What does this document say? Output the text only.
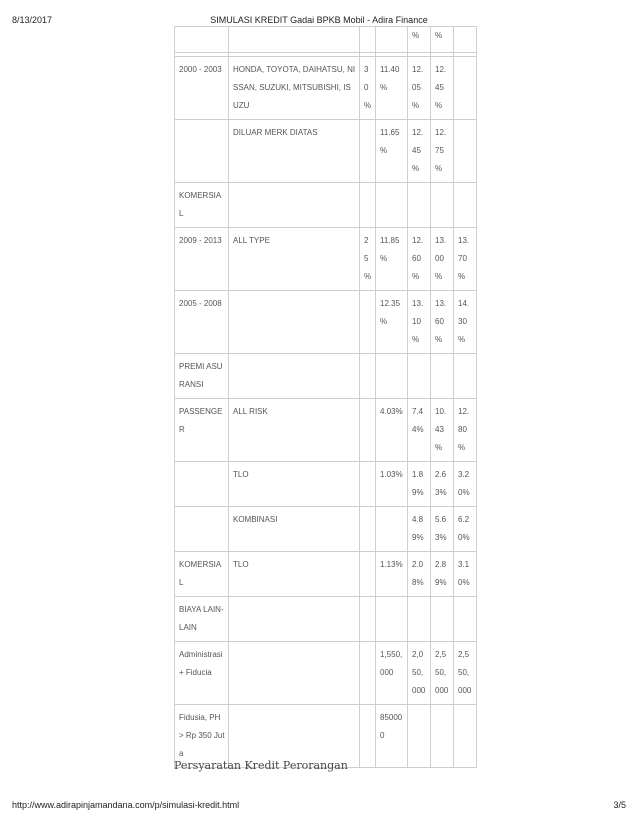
8/13/2017	SIMULASI KREDIT Gadai BPKB Mobil - Adira Finance
				%	%	

2000 - 2003	HONDA, TOYOTA, DAIHATSU, NISSAN, SUZUKI, MITSUBISHI, ISUZU	30 %	11.40 %	12.05 %	12.45 %	
	DILUAR MERK DIATAS		11.65 %	12.45 %	12.75 %	
KOMERSIAL						
2009 - 2013	ALL TYPE	25 %	11.85 %	12.60 %	13.00 %	13.70 %
2005 - 2008			12.35 %	13.10 %	13.60 %	14.30 %
PREMI ASURANSI						
PASSENGER	ALL RISK		4.03%	7.44%	10.43 %	12.80 %
	TLO		1.03%	1.89%	2.63%	3.20%
	KOMBINASI			4.89%	5.63%	6.20%
KOMERSIAL	TLO		1.13%	2.08%	2.89%	3.10%
BIAYA LAIN-LAIN						
Administrasi + Fiducia			1,550,000	2,050,000	2,550,000	2,550,000
Fidusia, PH > Rp 350 Juta			850000			
Persyaratan Kredit Perorangan
http://www.adirapinjamandana.com/p/simulasi-kredit.html	3/5
